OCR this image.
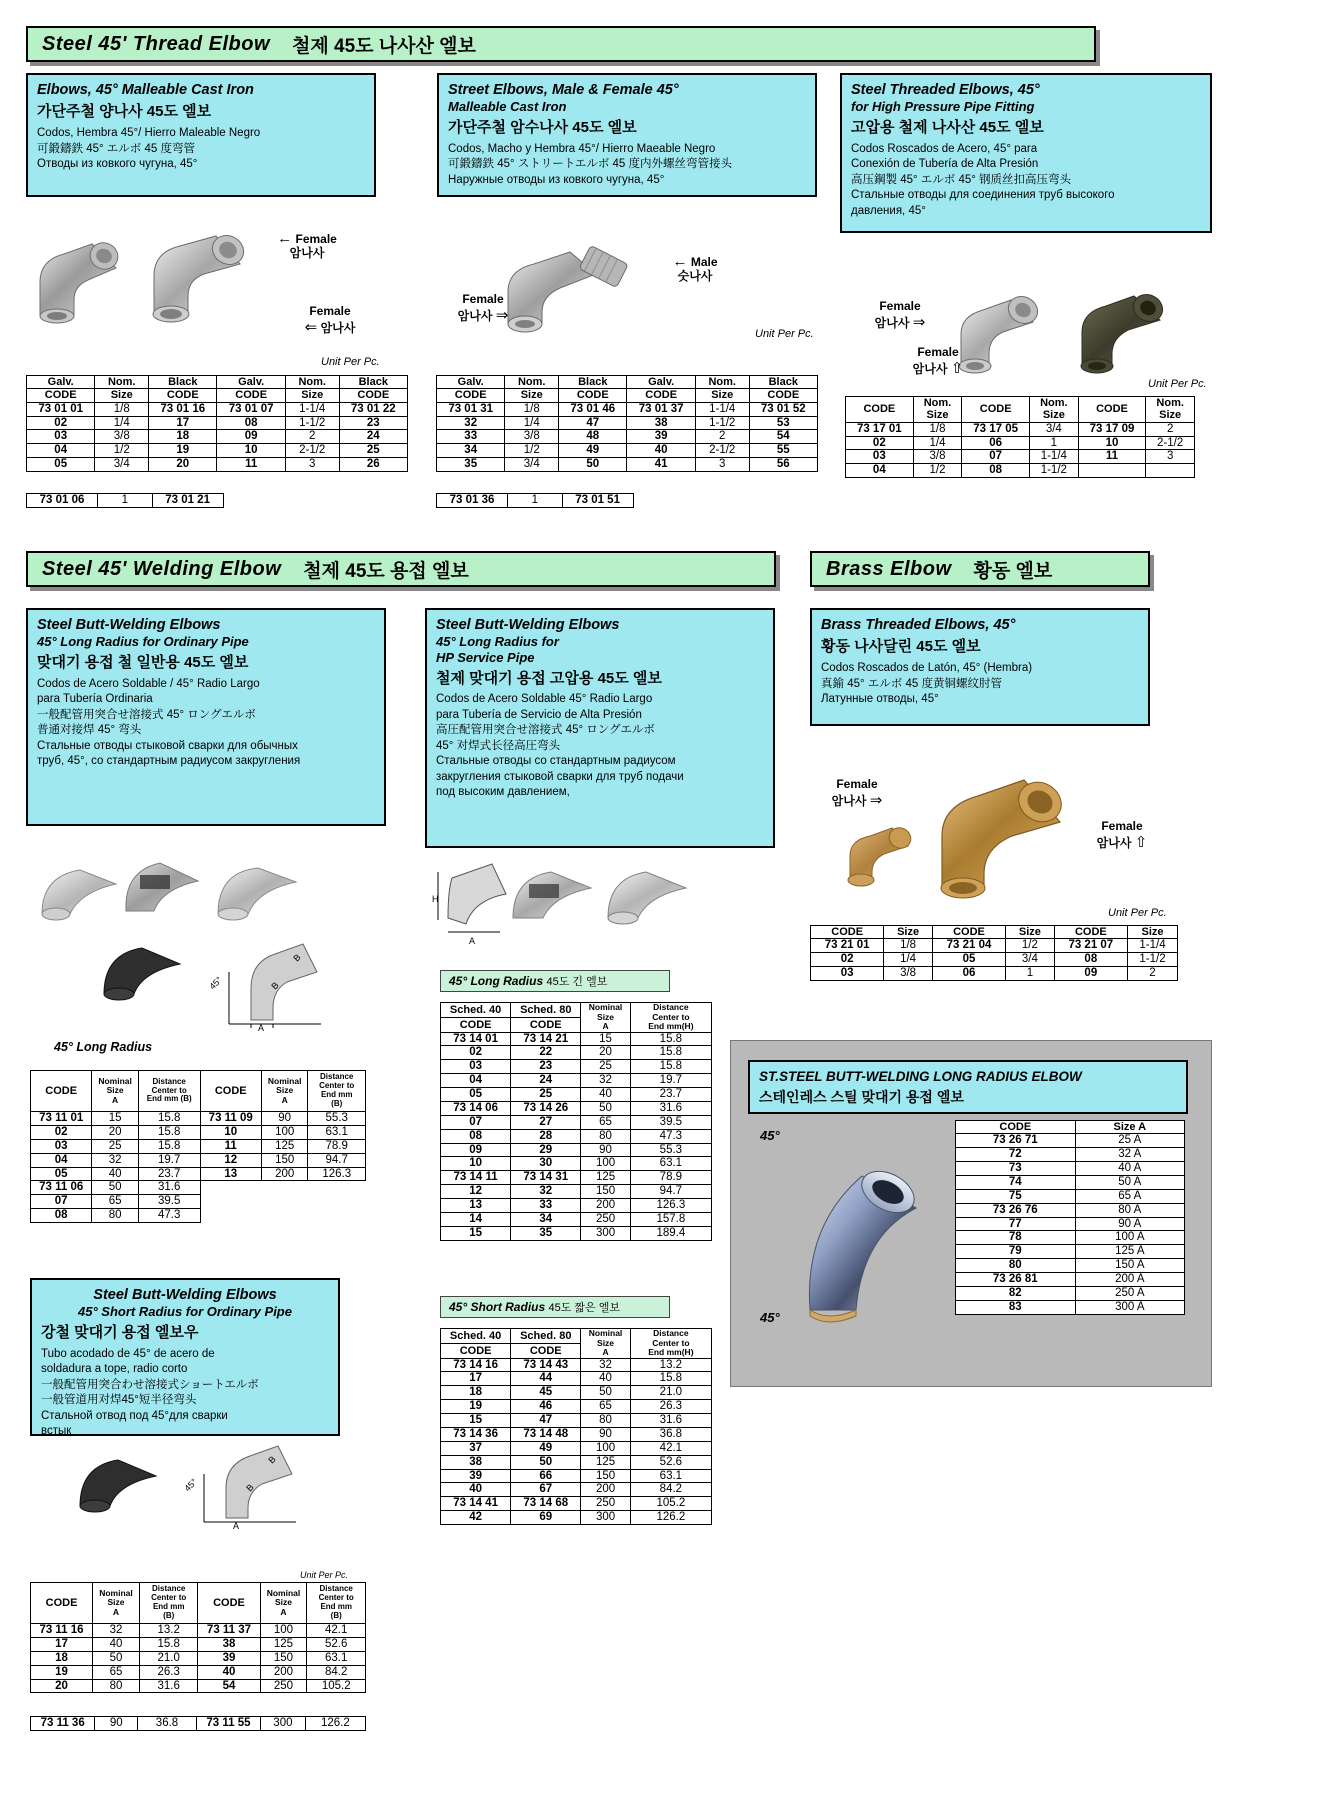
Steel 45' Thread Elbow 철제 45도 나사산 엘보
Elbows, 45° Malleable Cast Iron
가단주철 양나사 45도 엘보
Codos, Hembra 45°/ Hierro Maleable Negro
可鍛鑄鉄 45° エルボ 45 度弯管
Отводы из ковкого чугуна, 45°
Street Elbows, Male & Female 45°
Malleable Cast Iron
가단주철 암수나사 45도 엘보
Codos, Macho y Hembra 45°/ Hierro Maeable Negro
可鍛鑄鉄 45° ストリートエルボ 45 度内外螺丝弯管接头
Наружные отводы из ковкого чугуна, 45°
Steel Threaded Elbows, 45°
for High Pressure Pipe Fitting
고압용 철제 나사산 45도 엘보
Codos Roscados de Acero, 45° para
Conexión de Tubería de Alta Presión
高压鋼製 45° エルボ 45° 钢质丝扣高压弯头
Стальные отводы для соединения труб высокого
давления, 45°
← Female
암나사
Female
⇐ 암나사
Unit Per Pc.
← Male
숫나사
Female
암나사 ⇒
Unit Per Pc.
Female
암나사 ⇒
Female
암나사 ⇧
Unit Per Pc.
Galv.	Nom.	Black	Galv.	Nom.	Black
CODE	Size	CODE	CODE	Size	CODE
73 01 01	1/8	73 01 16	73 01 07	1-1/4	73 01 22
02	1/4	17	08	1-1/2	23
03	3/8	18	09	2	24
04	1/2	19	10	2-1/2	25
05	3/4	20	11	3	26
73 01 06	1	73 01 21			
Galv.	Nom.	Black	Galv.	Nom.	Black
CODE	Size	CODE	CODE	Size	CODE
73 01 31	1/8	73 01 46	73 01 37	1-1/4	73 01 52
32	1/4	47	38	1-1/2	53
33	3/8	48	39	2	54
34	1/2	49	40	2-1/2	55
35	3/4	50	41	3	56
73 01 36	1	73 01 51			
CODE	Nom.
Size	CODE	Nom.
Size	CODE	Nom.
Size
73 17 01	1/8	73 17 05	3/4	73 17 09	2
02	1/4	06	1	10	2-1/2
03	3/8	07	1-1/4	11	3
04	1/2	08	1-1/2		
Steel 45' Welding Elbow 철제 45도 용접 엘보	Brass Elbow 황동 엘보
Steel Butt-Welding Elbows
45° Long Radius for Ordinary Pipe
맞대기 용접 철 일반용 45도 엘보
Codos de Acero Soldable / 45° Radio Largo
para Tubería Ordinaria
一般配管用突合せ溶接式 45° ロングエルボ
普通对接焊 45° 弯头
Стальные отводы стыковой сварки для обычных
труб, 45°, со стандартным радиусом закругления
Steel Butt-Welding Elbows
45° Long Radius for
HP Service Pipe
철제 맞대기 용접 고압용 45도 엘보
Codos de Acero Soldable 45° Radio Largo
para Tubería de Servicio de Alta Presión
高圧配管用突合せ溶接式 45° ロングエルボ
45° 对焊式长径高圧弯头
Стальные отводы со стандартным радиусом
закругления стыковой сварки для труб подачи
под высоким давлением,
Brass Threaded Elbows, 45°
황동 나사달린 45도 엘보
Codos Roscados de Latón, 45° (Hembra)
真鍮 45° エルボ 45 度黄铜螺纹肘管
Латунные отводы, 45°
A
B
B
45°
45° Long Radius
CODE	Nominal
Size
A	Distance
Center to
End mm (B)	CODE	Nominal
Size
A	Distance
Center to
End mm
(B)
73 11 01	15	15.8	73 11 09	90	55.3
02	20	15.8	10	100	63.1
03	25	15.8	11	125	78.9
04	32	19.7	12	150	94.7
05	40	23.7	13	200	126.3
73 11 06	50	31.6			
07	65	39.5			
08	80	47.3			
Steel Butt-Welding Elbows
45° Short Radius for Ordinary Pipe
강철 맞대기 용접 엘보우
Tubo acodado de 45° de acero de
soldadura a tope, radio corto
一般配管用突合わせ溶接式ショートエルボ
一般管道用对焊45°短半径弯头
Стальной отвод под 45°для сварки
встык
A
B
B
45°
Unit Per Pc.
CODE	Nominal
Size
A	Distance
Center to
End mm
(B)	CODE	Nominal
Size
A	Distance
Center to
End mm
(B)
73 11 16	32	13.2	73 11 37	100	42.1
17	40	15.8	38	125	52.6
18	50	21.0	39	150	63.1
19	65	26.3	40	200	84.2
20	80	31.6	54	250	105.2
73 11 36	90	36.8	73 11 55	300	126.2
H
A
45° Long Radius 45도 긴 엘보
Sched. 40	Sched. 80	Nominal
Size
A	Distance
Center to
End mm(H)
CODE	CODE		
73 14 01	73 14 21	15	15.8
02	22	20	15.8
03	23	25	15.8
04	24	32	19.7
05	25	40	23.7
73 14 06	73 14 26	50	31.6
07	27	65	39.5
08	28	80	47.3
09	29	90	55.3
10	30	100	63.1
73 14 11	73 14 31	125	78.9
12	32	150	94.7
13	33	200	126.3
14	34	250	157.8
15	35	300	189.4
45° Short Radius 45도 짧은 엘보
Sched. 40	Sched. 80	Nominal
Size
A	Distance
Center to
End mm(H)
CODE	CODE		
73 14 16	73 14 43	32	13.2
17	44	40	15.8
18	45	50	21.0
19	46	65	26.3
15	47	80	31.6
73 14 36	73 14 48	90	36.8
37	49	100	42.1
38	50	125	52.6
39	66	150	63.1
40	67	200	84.2
73 14 41	73 14 68	250	105.2
42	69	300	126.2
Female
암나사 ⇒
Female
암나사 ⇧
Unit Per Pc.
CODE	Size	CODE	Size	CODE	Size
73 21 01	1/8	73 21 04	1/2	73 21 07	1-1/4
02	1/4	05	3/4	08	1-1/2
03	3/8	06	1	09	2
ST.STEEL BUTT-WELDING LONG RADIUS ELBOW
스테인레스 스틸 맞대기 용접 엘보
45°
45°
CODE	Size A
73 26 71	25 A
72	32 A
73	40 A
74	50 A
75	65 A
73 26 76	80 A
77	90 A
78	100 A
79	125 A
80	150 A
73 26 81	200 A
82	250 A
83	300 A
